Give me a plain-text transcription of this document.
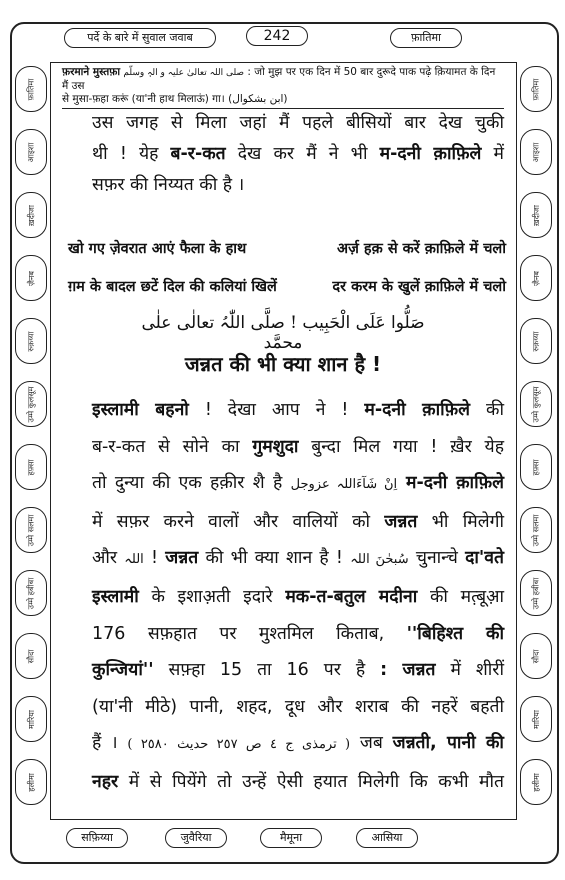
पर्दे के बारे में सुवाल जवाब	242	फ़ातिमा
सफ़िय्या	जुवैरिया	मैमूना	आसिया
फ़ातिमा
आइशा
ख़दीजा
ज़ैनब
रुक़य्या
उम्मे कुलसूम
हफ़्सा
उम्मे सलमा
उम्मे हबीबा
सौदा
मारिया
हलीमा
फ़ातिमा
आइशा
ख़दीजा
ज़ैनब
रुक़य्या
उम्मे कुलसूम
हफ़्सा
उम्मे सलमा
उम्मे हबीबा
सौदा
मारिया
हलीमा
फ़रमाने मुस्तफ़ा صلی اللہ تعالیٰ علیہ و الہٖ وسلّم : जो मुझ पर एक दिन में 50 बार दुरूदे पाक पढ़े क़ियामत के दिन मैं उस
से मुसा-फ़हा करूं (या'नी हाथ मिलाऊं) गा। (ابن بشکوال)
उस जगह से मिला जहां मैं पहले बीसियों बार देख चुकी
थी ! येह ब-र-कत देख कर मैं ने भी म-दनी क़ाफ़िले में
सफ़र की निय्यत की है ।
खो गए ज़ेवरात आएं फैला के हाथ	अर्ज़ हक़ से करें क़ाफ़िले में चलो
ग़म के बादल छटें दिल की कलियां खिलें	दर करम के खुलें क़ाफ़िले में चलो
صَلُّوا عَلَی الْحَبِیب ! صلَّی اللّٰہُ تعالٰی علٰی محمَّد
जन्नत की भी क्या शान है !
इस्लामी बहनो ! देखा आप ने ! म-दनी क़ाफ़िले की
ब-र-कत से सोने का गुमशुदा बुन्दा मिल गया ! ख़ैर येह
तो दुन्या की एक हक़ीर शै है اِنْ شَآءَاللہ عزوجل म-दनी क़ाफ़िले
में सफ़र करने वालों और वालियों को जन्नत भी मिलेगी
और اللہ ! जन्नत की भी क्या शान है ! سُبحٰنَ اللہ चुनान्चे दा'वते
इस्लामी के इशाअ़ती इदारे मक-त-बतुल मदीना की मत़्बूआ़
176 सफ़हात पर मुश्तमिल किताब, ''बिहिश्त की
कुन्जियां'' सफ़्हा 15 ता 16 पर है : जन्नत में शीरीं
(या'नी मीठे) पानी, शहद, दूध और शराब की नहरें बहती
हैं । ( ترمذی ج ٤ ص ٢٥٧ حدیث ٢٥٨٠ ) जब जन्नती, पानी की
नहर में से पियेंगे तो उन्हें ऐसी हयात मिलेगी कि कभी मौत
